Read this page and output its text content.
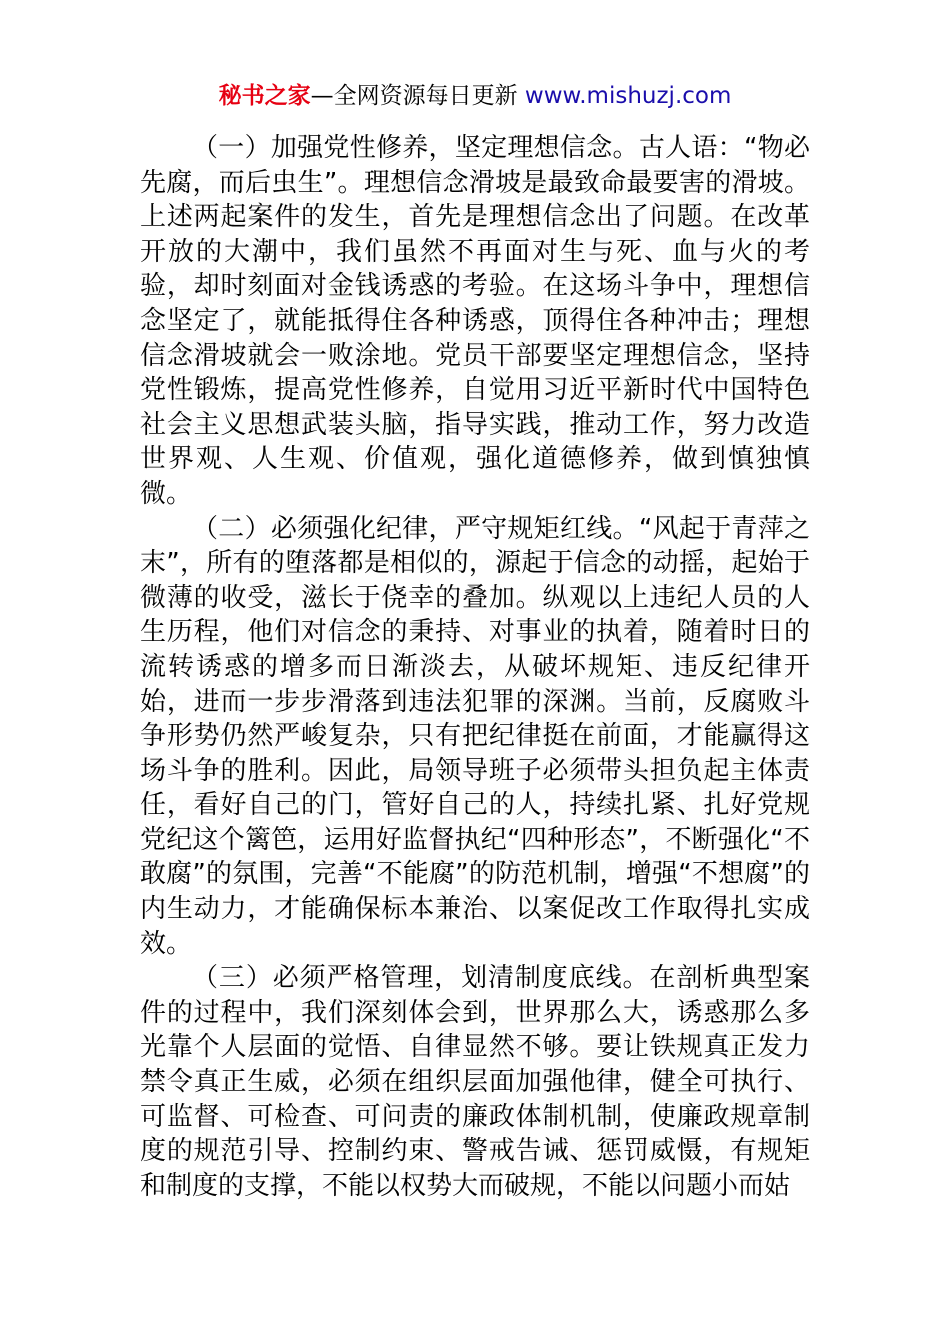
秘书之家—全网资源每日更新 www.mishuzj.com

（一）加强党性修养，坚定理想信念。古人语：“物必先腐，而后虫生”。理想信念滑坡是最致命最要害的滑坡。上述两起案件的发生，首先是理想信念出了问题。在改革开放的大潮中，我们虽然不再面对生与死、血与火的考验，却时刻面对金钱诱惑的考验。在这场斗争中，理想信念坚定了，就能抵得住各种诱惑，顶得住各种冲击；理想信念滑坡就会一败涂地。党员干部要坚定理想信念，坚持党性锻炼，提高党性修养，自觉用习近平新时代中国特色社会主义思想武装头脑，指导实践，推动工作，努力改造世界观、人生观、价值观，强化道德修养，做到慎独慎微。

（二）必须强化纪律，严守规矩红线。“风起于青萍之末”，所有的堕落都是相似的，源起于信念的动摇，起始于微薄的收受，滋长于侥幸的叠加。纵观以上违纪人员的人生历程，他们对信念的秉持、对事业的执着，随着时日的流转诱惑的增多而日渐淡去，从破坏规矩、违反纪律开始，进而一步步滑落到违法犯罪的深渊。当前，反腐败斗争形势仍然严峻复杂，只有把纪律挺在前面，才能赢得这场斗争的胜利。因此，局领导班子必须带头担负起主体责任，看好自己的门，管好自己的人，持续扎紧、扎好党规党纪这个篱笆，运用好监督执纪“四种形态”，不断强化“不敢腐”的氛围，完善“不能腐”的防范机制，增强“不想腐”的内生动力，才能确保标本兼治、以案促改工作取得扎实成效。

（三）必须严格管理，划清制度底线。在剖析典型案件的过程中，我们深刻体会到，世界那么大，诱惑那么多光靠个人层面的觉悟、自律显然不够。要让铁规真正发力禁令真正生威，必须在组织层面加强他律，健全可执行、可监督、可检查、可问责的廉政体制机制，使廉政规章制度的规范引导、控制约束、警戒告诫、惩罚威慑，有规矩和制度的支撑，不能以权势大而破规，不能以问题小而姑
